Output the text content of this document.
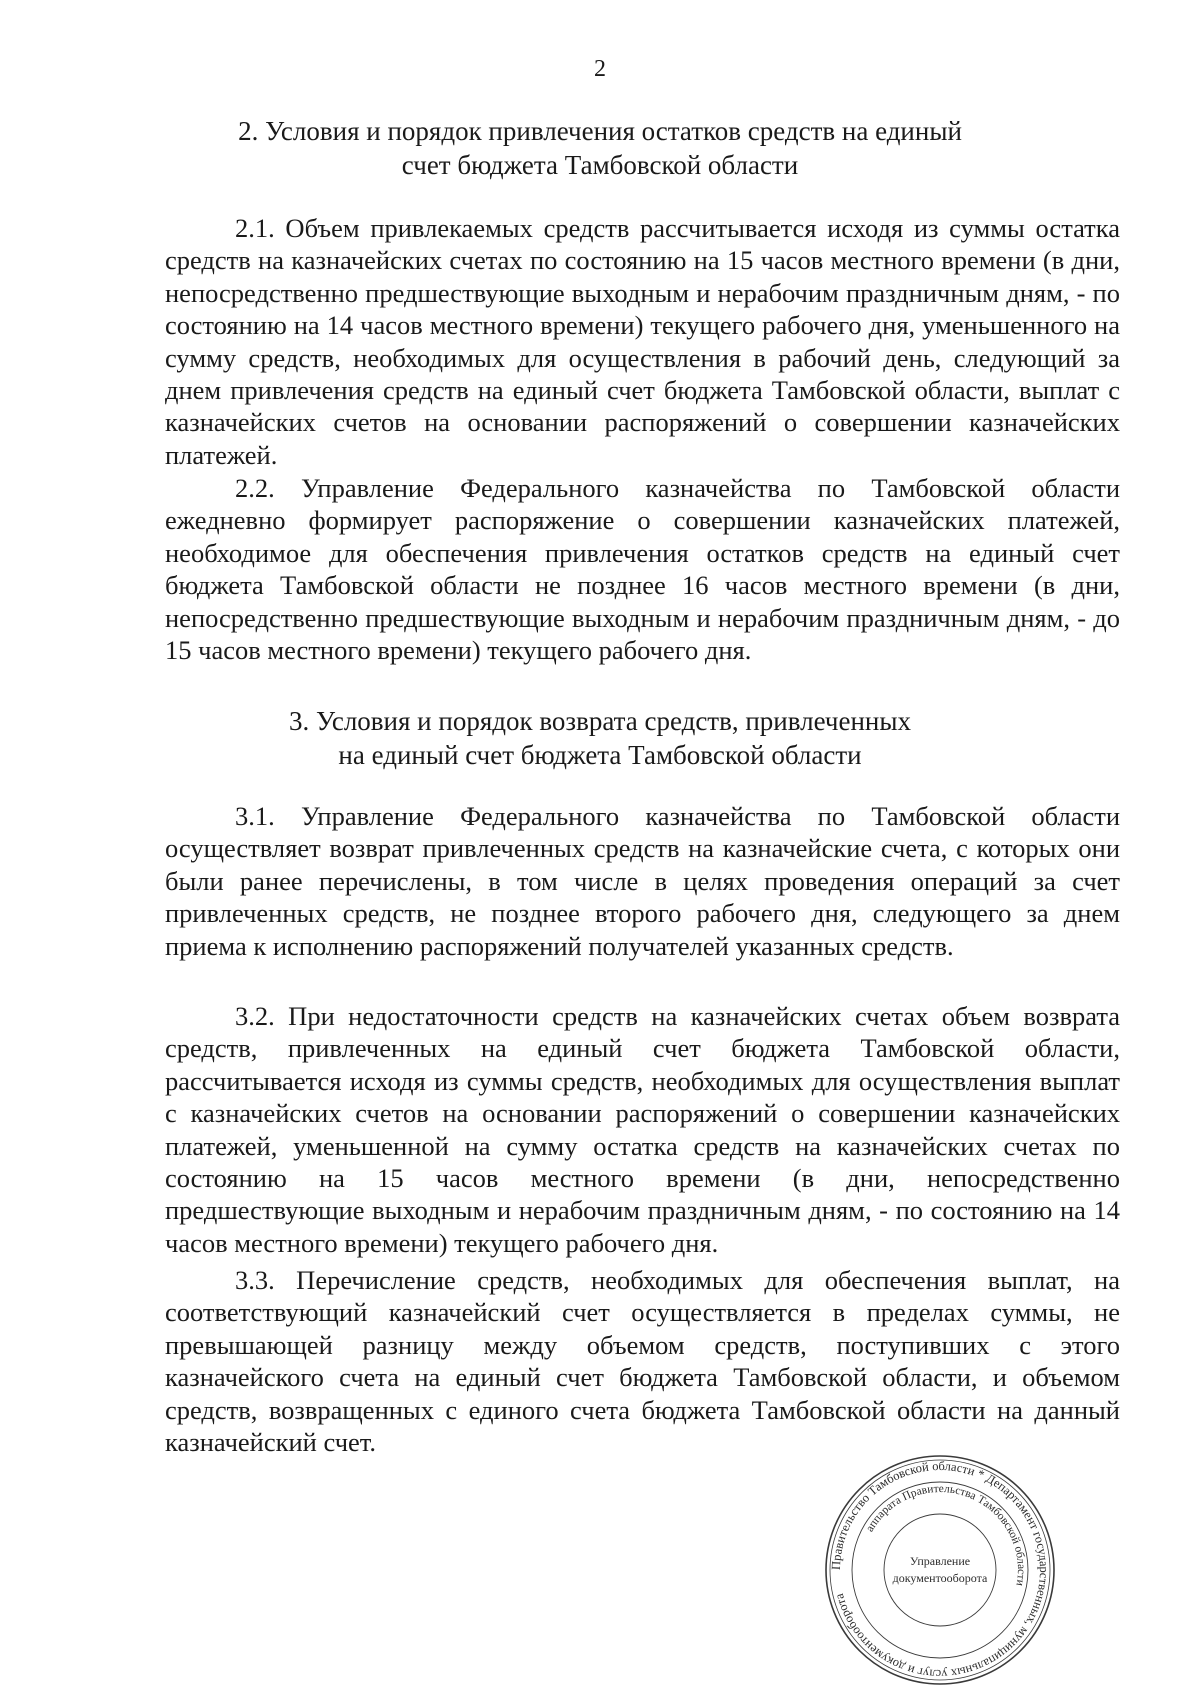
2
2. Условия и порядок привлечения остатков средств на единый
счет бюджета Тамбовской области

2.1. Объем привлекаемых средств рассчитывается исходя из суммы остатка средств на казначейских счетах по состоянию на 15 часов местного времени (в дни, непосредственно предшествующие выходным и нерабочим праздничным дням, - по состоянию на 14 часов местного времени) текущего рабочего дня, уменьшенного на сумму средств, необходимых для осуществления в рабочий день, следующий за днем привлечения средств на единый счет бюджета Тамбовской области, выплат с казначейских счетов на основании распоряжений о совершении казначейских платежей.

2.2. Управление Федерального казначейства по Тамбовской области ежедневно формирует распоряжение о совершении казначейских платежей, необходимое для обеспечения привлечения остатков средств на единый счет бюджета Тамбовской области не позднее 16 часов местного времени (в дни, непосредственно предшествующие выходным и нерабочим праздничным дням, - до 15 часов местного времени) текущего рабочего дня.

3. Условия и порядок возврата средств, привлеченных
на единый счет бюджета Тамбовской области

3.1. Управление Федерального казначейства по Тамбовской области осуществляет возврат привлеченных средств на казначейские счета, с которых они были ранее перечислены, в том числе в целях проведения операций за счет привлеченных средств, не позднее второго рабочего дня, следующего за днем приема к исполнению распоряжений получателей указанных средств.

3.2. При недостаточности средств на казначейских счетах объем возврата средств, привлеченных на единый счет бюджета Тамбовской области, рассчитывается исходя из суммы средств, необходимых для осуществления выплат с казначейских счетов на основании распоряжений о совершении казначейских платежей, уменьшенной на сумму остатка средств на казначейских счетах по состоянию на 15 часов местного времени (в дни, непосредственно предшествующие выходным и нерабочим праздничным дням, - по состоянию на 14 часов местного времени) текущего рабочего дня.

3.3. Перечисление средств, необходимых для обеспечения выплат, на соответствующий казначейский счет осуществляется в пределах суммы, не превышающей разницу между объемом средств, поступивших с этого казначейского счета на единый счет бюджета Тамбовской области, и объемом средств, возвращенных с единого счета бюджета Тамбовской области на данный казначейский счет.

Правительство Тамбовской области * Департамент государственных, муниципальных услуг и документооборота
аппарата Правительства Тамбовской области
Управление
документооборота
